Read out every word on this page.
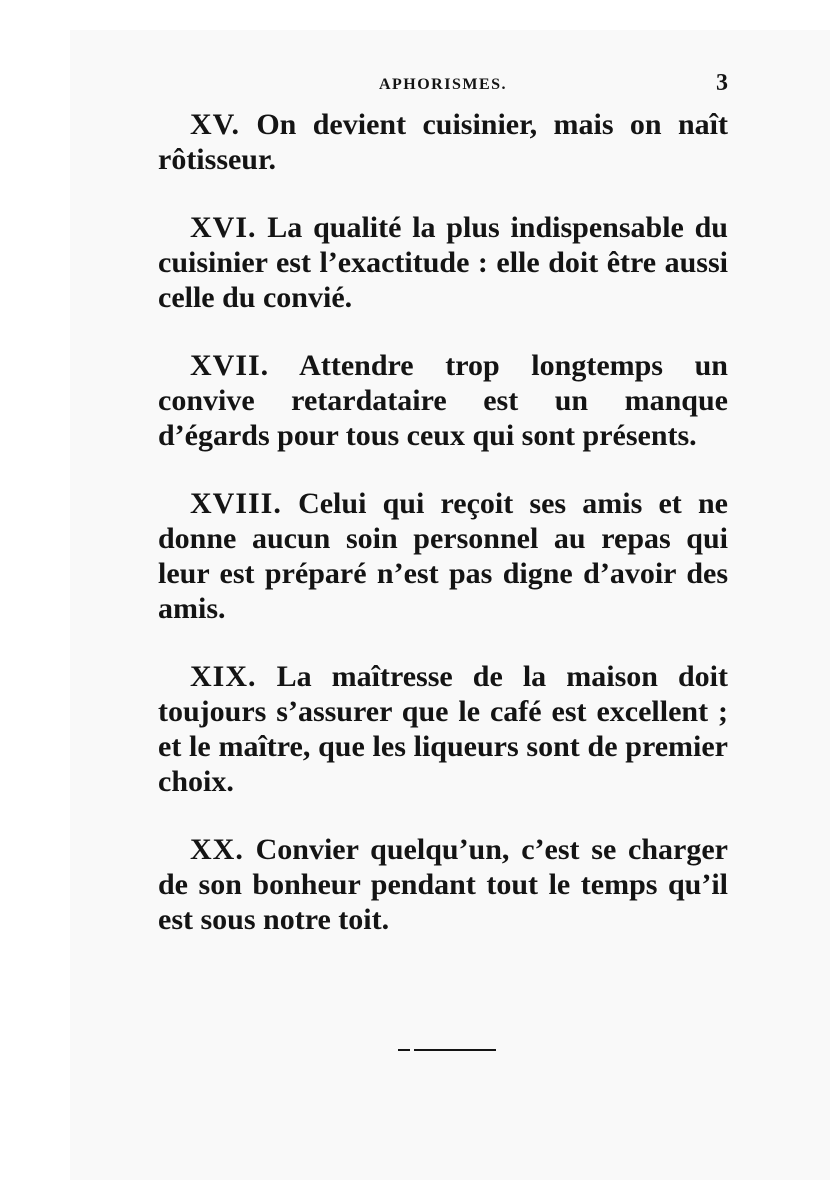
APHORISMES.	3

XV. On devient cuisinier, mais on naît rôtisseur.

XVI. La qualité la plus indispensable du cuisinier est l’exactitude : elle doit être aussi celle du convié.

XVII. Attendre trop longtemps un convive retardataire est un manque d’égards pour tous ceux qui sont présents.

XVIII. Celui qui reçoit ses amis et ne donne aucun soin personnel au repas qui leur est préparé n’est pas digne d’avoir des amis.

XIX. La maîtresse de la maison doit toujours s’assurer que le café est excellent ; et le maître, que les liqueurs sont de premier choix.

XX. Convier quelqu’un, c’est se charger de son bonheur pendant tout le temps qu’il est sous notre toit.
